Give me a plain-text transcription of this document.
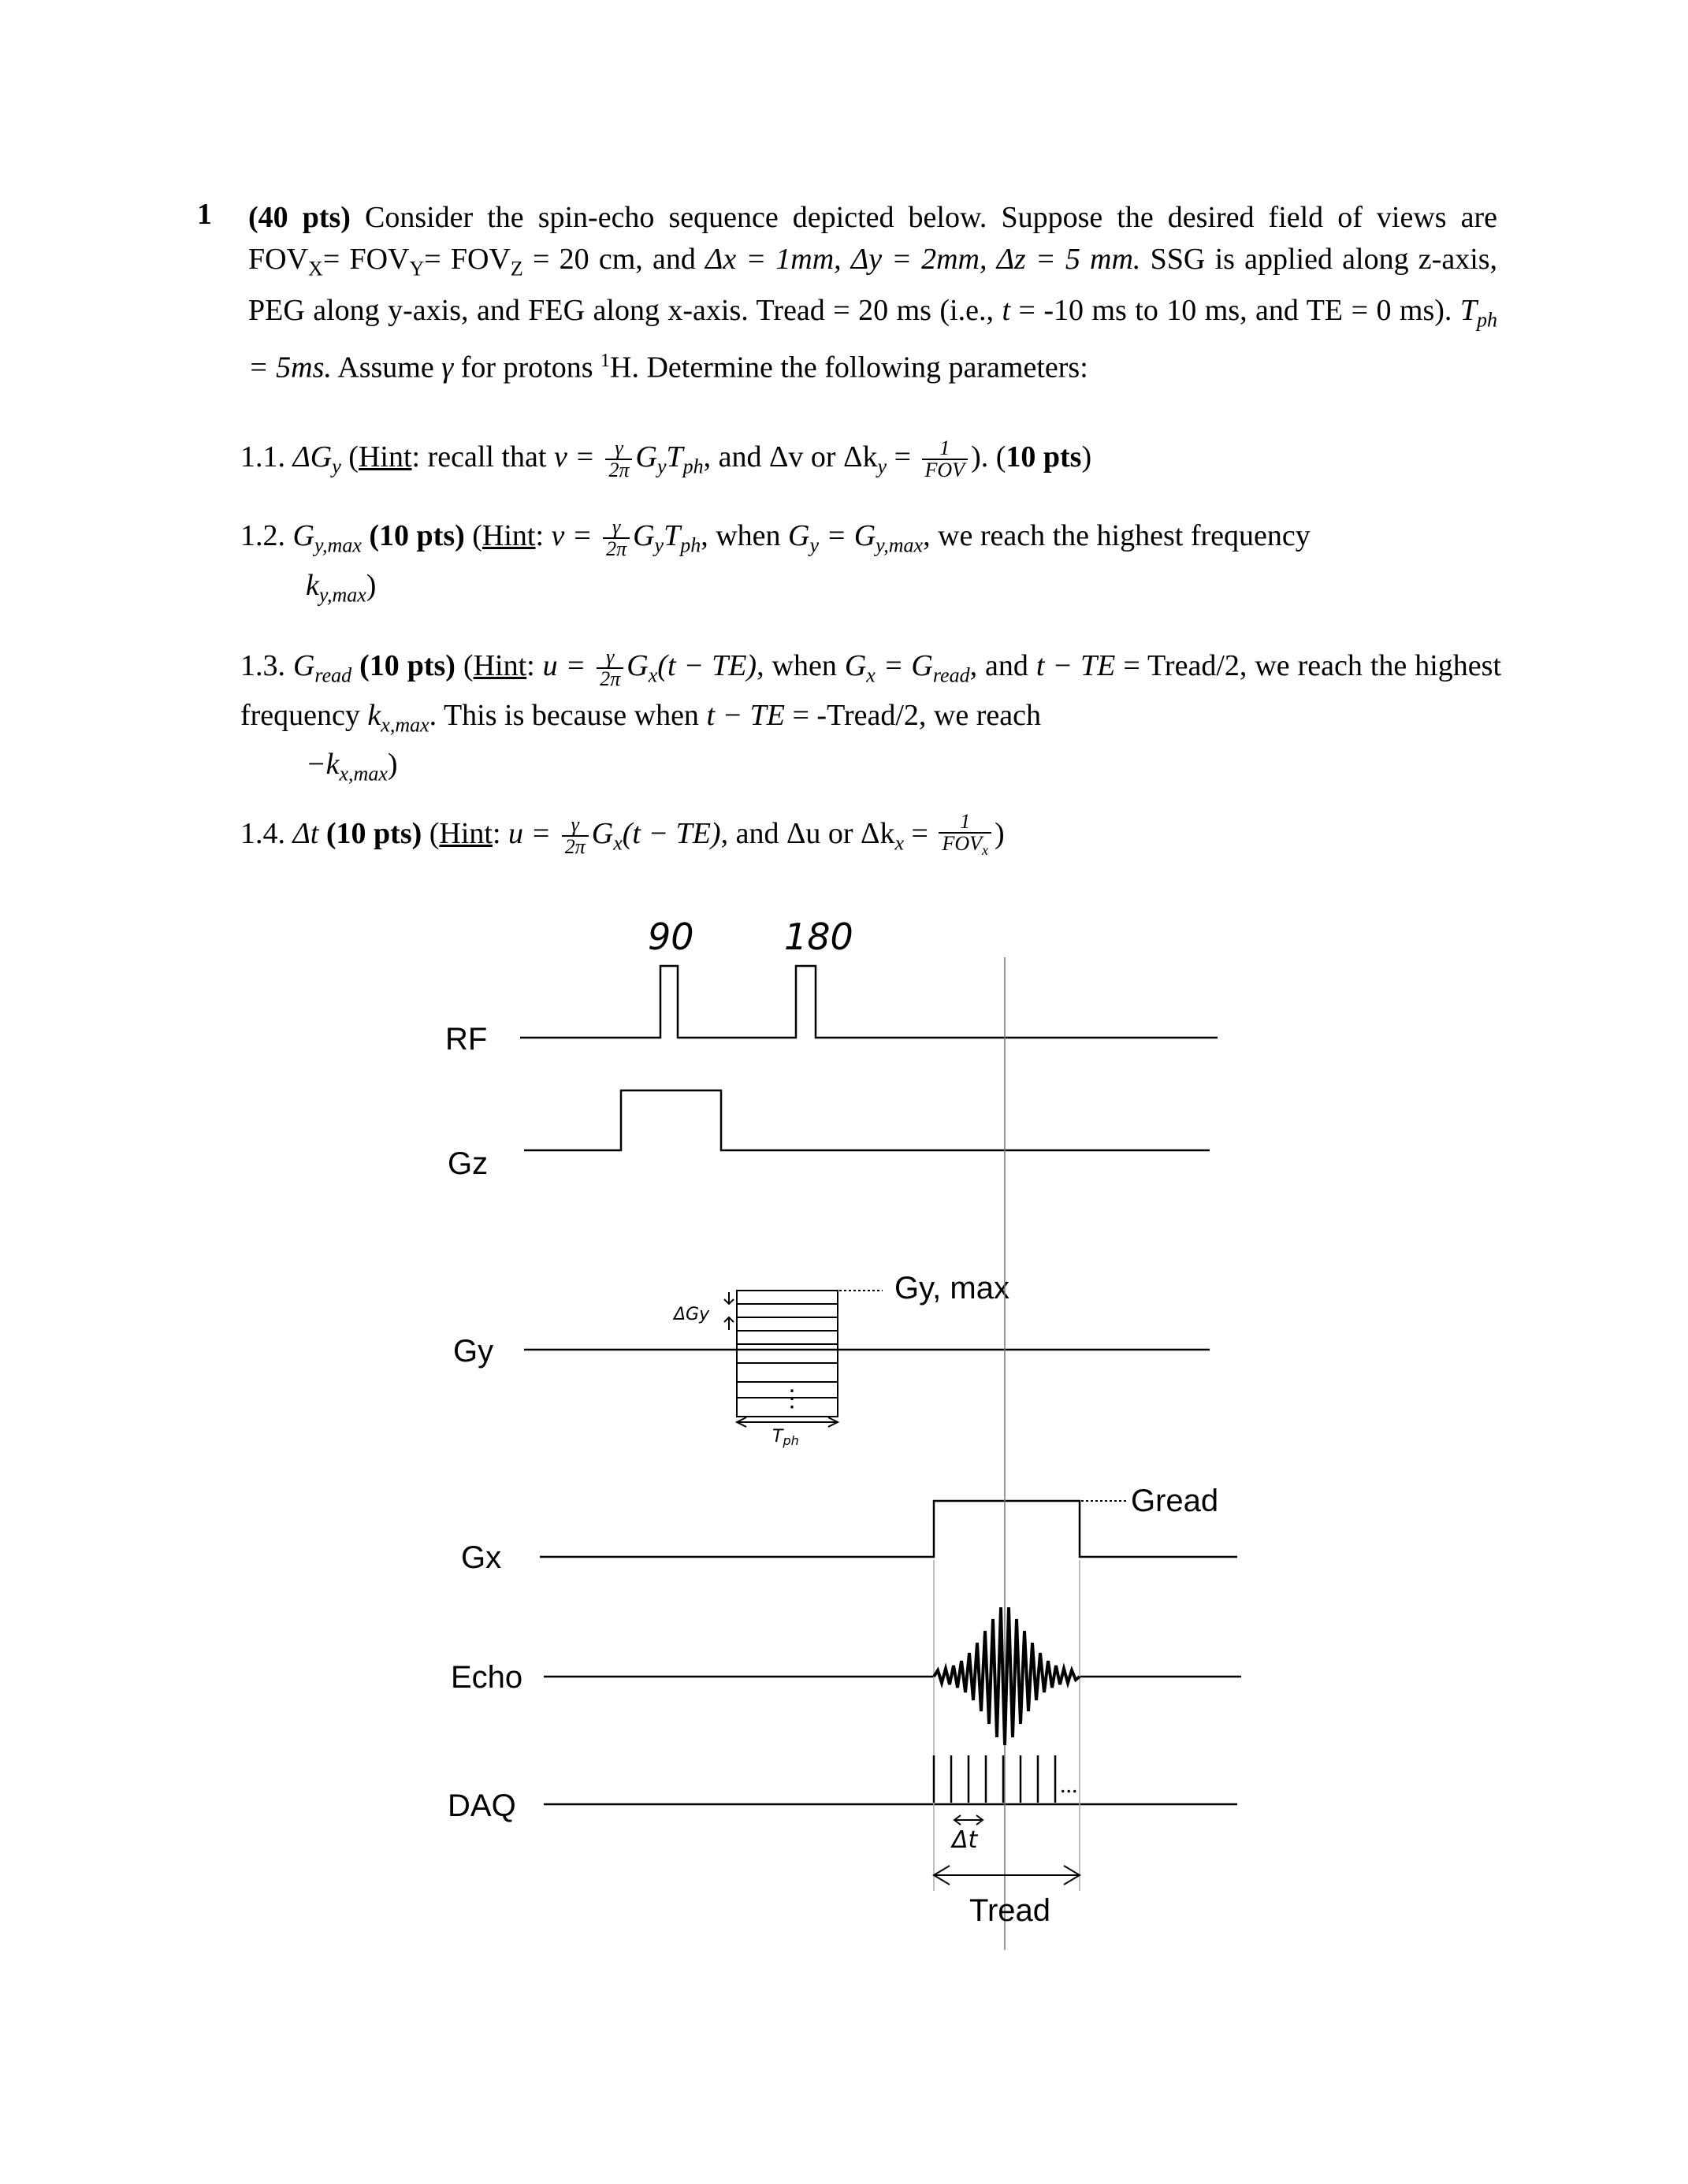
1 (40 pts) Consider the spin-echo sequence depicted below. Suppose the desired field of views are $FOV_X= FOV_Y= FOV_Z = 20$ cm, and Δx = 1mm, Δy = 2mm, Δz = 5 mm. SSG is applied along z-axis, PEG along y-axis, and FEG along x-axis. Tread = 20 ms (i.e., t = -10 ms to 10 ms, and TE = 0 ms). $T_{ph} = 5ms$. Assume γ for protons $^1$H. Determine the following parameters:
1.1. $\Delta G_y$ (Hint: recall that $v = \frac{\gamma}{2\pi} G_yT_{ph}$, and Δv or $\Delta k_y = \frac{1}{\text{FOV}}$ ). (10 pts)
1.2. $G_{y,max}$ (10 pts) (Hint: $v = \frac{\gamma}{2\pi} G_yT_{ph}$, when $G_y = G_{y,max}$, we reach the highest frequency
$k_{y,max}$)
1.3. $G_{read}$ (10 pts) (Hint: $u = \frac{\gamma}{2\pi} G_x(t - TE)$, when $G_x = G_{read}$, and t − TE = Tread/2, we reach the highest frequency $k_{x,max}$. This is because when t − TE = -Tread/2, we reach
$-k_{x,max}$)
1.4. Δt (10 pts) (Hint: $u = \frac{\gamma}{2\pi} G_x(t - TE)$, and Δu or $\Delta k_x = \frac{1}{FOV_x}$ )
⋮
Tph
ΔGy
Gy, max
Gread
...
Δt
Tread
90 180
RF
Gz
Gy
Gx
Echo
DAQ
